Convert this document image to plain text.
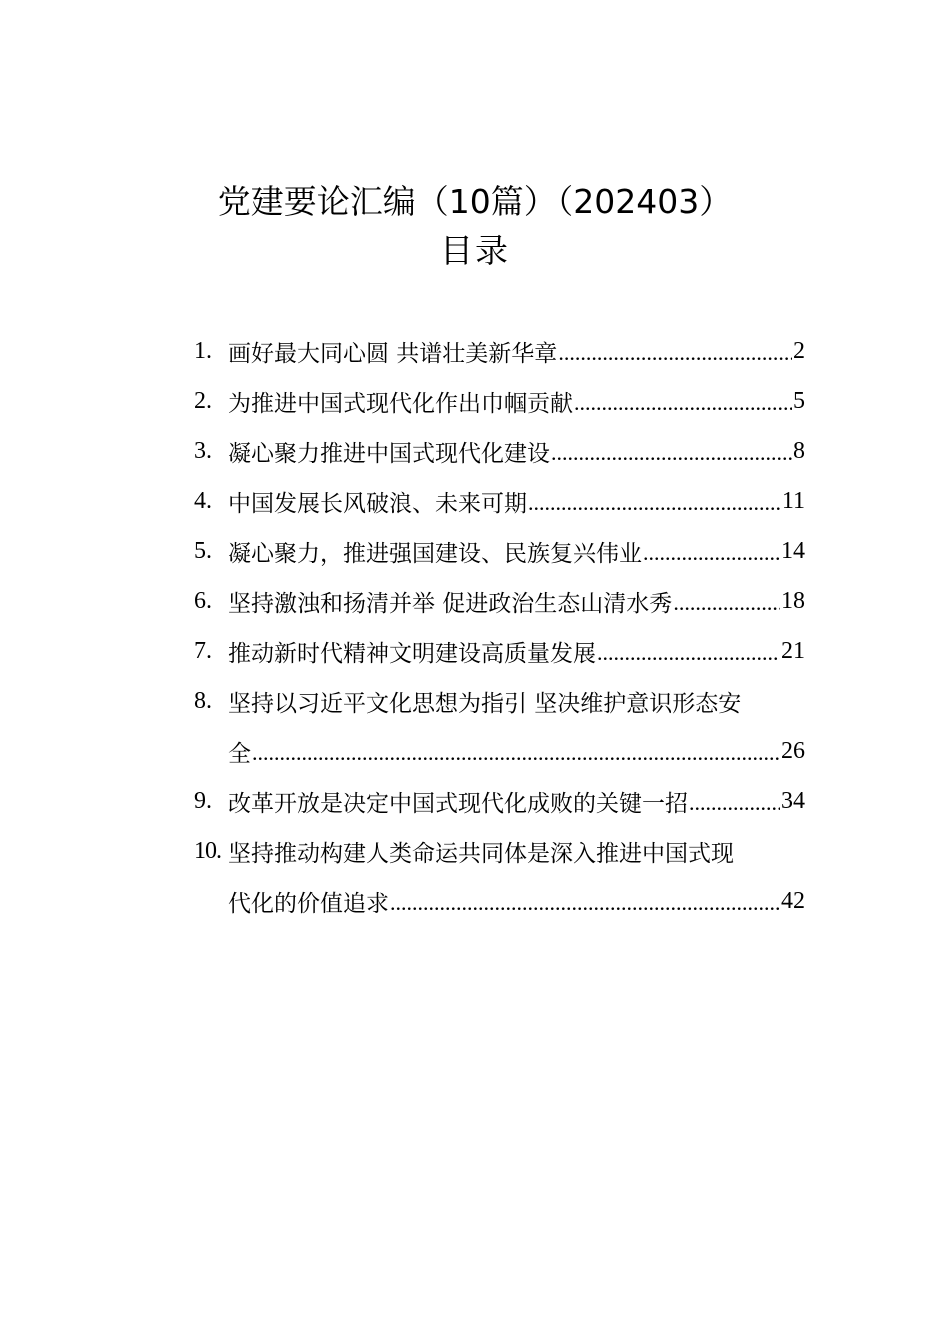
党建要论汇编（10篇）（202403）
目录
1. 画好最大同心圆 共谱壮美新华章 .....	2
2. 为推进中国式现代化作出巾帼贡献 .....	5
3. 凝心聚力推进中国式现代化建设 .....	8
4. 中国发展长风破浪、未来可期 .....	11
5. 凝心聚力，推进强国建设、民族复兴伟业 .....	14
6. 坚持激浊和扬清并举 促进政治生态山清水秀 .....	18
7. 推动新时代精神文明建设高质量发展 .....	21
8. 坚持以习近平文化思想为指引 坚决维护意识形态安
全 .....	26
9. 改革开放是决定中国式现代化成败的关键一招 .....	34
10. 坚持推动构建人类命运共同体是深入推进中国式现
代化的价值追求 .....	42
